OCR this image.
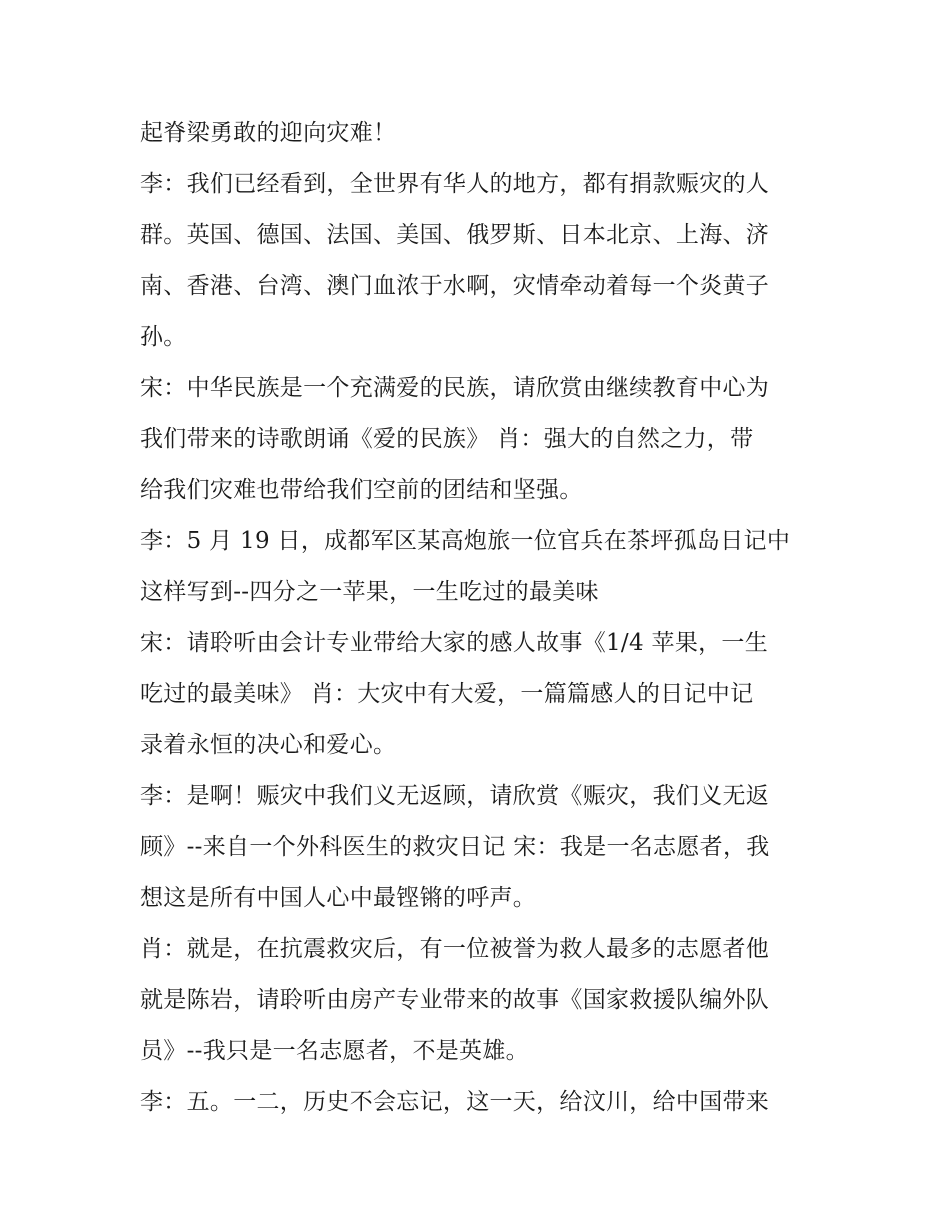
起脊梁勇敢的迎向灾难！
李：我们已经看到，全世界有华人的地方，都有捐款赈灾的人
群。英国、德国、法国、美国、俄罗斯、日本北京、上海、济
南、香港、台湾、澳门血浓于水啊，灾情牵动着每一个炎黄子
孙。
宋：中华民族是一个充满爱的民族，请欣赏由继续教育中心为
我们带来的诗歌朗诵《爱的民族》 肖：强大的自然之力，带
给我们灾难也带给我们空前的团结和坚强。
李：5 月 19 日，成都军区某高炮旅一位官兵在茶坪孤岛日记中
这样写到--四分之一苹果，一生吃过的最美味
宋：请聆听由会计专业带给大家的感人故事《1/4 苹果，一生
吃过的最美味》 肖：大灾中有大爱，一篇篇感人的日记中记
录着永恒的决心和爱心。
李：是啊！赈灾中我们义无返顾，请欣赏《赈灾，我们义无返
顾》--来自一个外科医生的救灾日记 宋：我是一名志愿者，我
想这是所有中国人心中最铿锵的呼声。
肖：就是，在抗震救灾后，有一位被誉为救人最多的志愿者他
就是陈岩，请聆听由房产专业带来的故事《国家救援队编外队
员》--我只是一名志愿者，不是英雄。
李：五。一二，历史不会忘记，这一天，给汶川，给中国带来
